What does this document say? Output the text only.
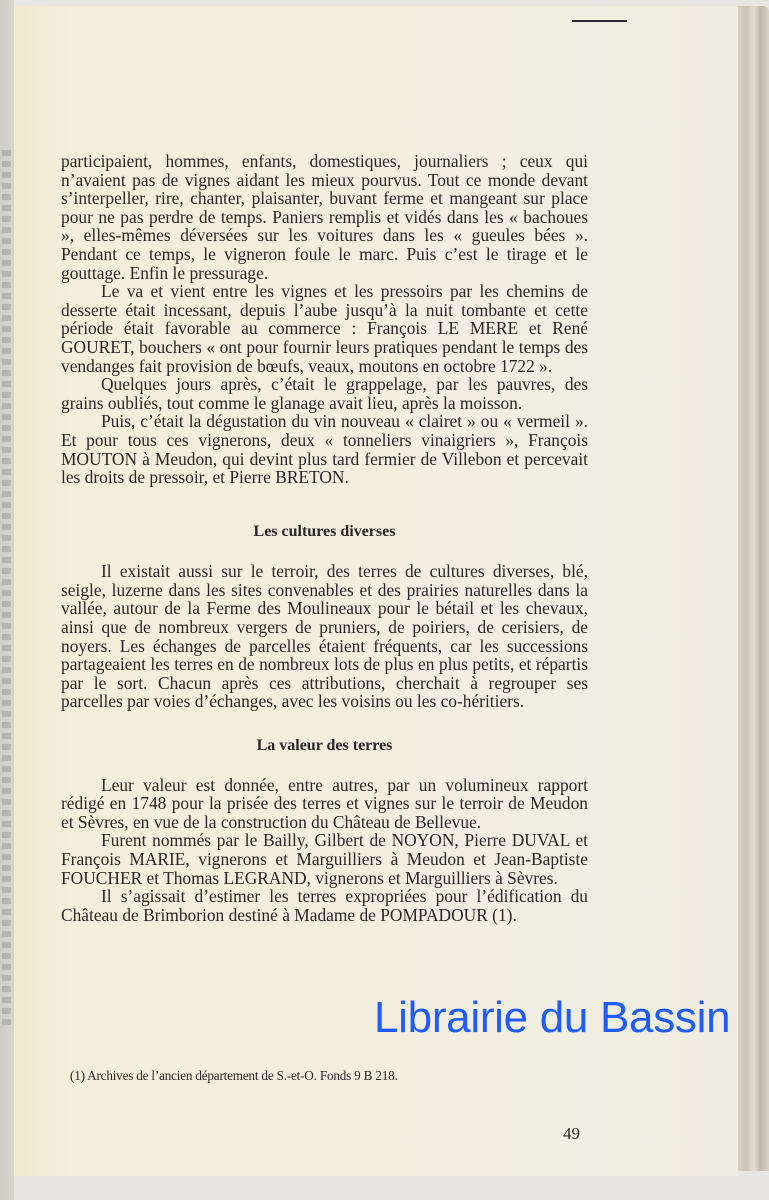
participaient, hommes, enfants, domestiques, journaliers ; ceux qui n’avaient pas de vignes aidant les mieux pourvus. Tout ce monde devant s’interpeller, rire, chanter, plaisanter, buvant ferme et mangeant sur place pour ne pas perdre de temps. Paniers remplis et vidés dans les « bachoues », elles-mêmes déversées sur les voitures dans les « gueules bées ». Pendant ce temps, le vigneron foule le marc. Puis c’est le tirage et le gouttage. Enfin le pressurage.

Le va et vient entre les vignes et les pressoirs par les chemins de desserte était incessant, depuis l’aube jusqu’à la nuit tombante et cette période était favorable au commerce : François LE MERE et René GOURET, bouchers « ont pour fournir leurs pratiques pendant le temps des vendanges fait provision de bœufs, veaux, moutons en octobre 1722 ».

Quelques jours après, c’était le grappelage, par les pauvres, des grains oubliés, tout comme le glanage avait lieu, après la moisson.

Puis, c’était la dégustation du vin nouveau « clairet » ou « vermeil ». Et pour tous ces vignerons, deux « tonneliers vinaigriers », François MOUTON à Meudon, qui devint plus tard fermier de Villebon et percevait les droits de pressoir, et Pierre BRETON.

Les cultures diverses

Il existait aussi sur le terroir, des terres de cultures diverses, blé, seigle, luzerne dans les sites convenables et des prairies naturelles dans la vallée, autour de la Ferme des Moulineaux pour le bétail et les chevaux, ainsi que de nombreux vergers de pruniers, de poiriers, de cerisiers, de noyers. Les échanges de parcelles étaient fréquents, car les successions partageaient les terres en de nombreux lots de plus en plus petits, et répartis par le sort. Chacun après ces attributions, cherchait à regrouper ses parcelles par voies d’échanges, avec les voisins ou les co-héritiers.

La valeur des terres

Leur valeur est donnée, entre autres, par un volumineux rapport rédigé en 1748 pour la prisée des terres et vignes sur le terroir de Meudon et Sèvres, en vue de la construction du Château de Bellevue.

Furent nommés par le Bailly, Gilbert de NOYON, Pierre DUVAL et François MARIE, vignerons et Marguilliers à Meudon et Jean-Baptiste FOUCHER et Thomas LEGRAND, vignerons et Marguilliers à Sèvres.

Il s’agissait d’estimer les terres expropriées pour l’édification du Château de Brimborion destiné à Madame de POMPADOUR (1).

(1) Archives de l’ancien département de S.-et-O. Fonds 9 B 218.
49
Librairie du Bassin
